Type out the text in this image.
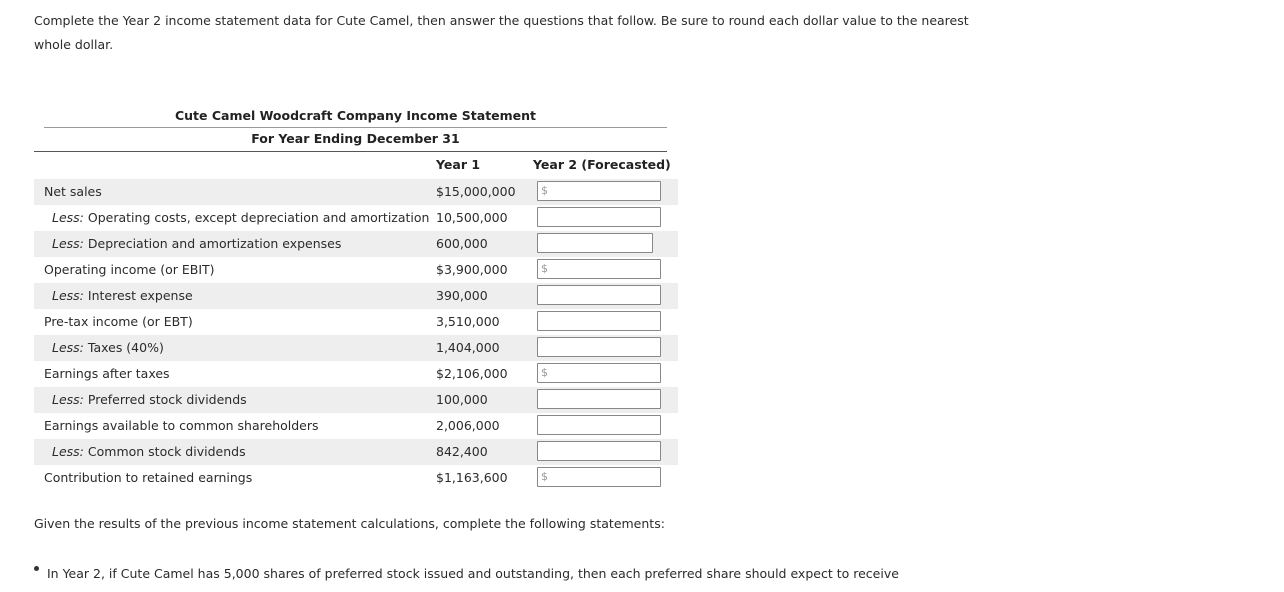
Complete the Year 2 income statement data for Cute Camel, then answer the questions that follow. Be sure to round each dollar value to the nearest whole dollar.
Cute Camel Woodcraft Company Income Statement
For Year Ending December 31
Year 1	Year 2 (Forecasted)
Net sales	$15,000,000 $
Less: Operating costs, except depreciation and amortization 10,500,000
Less: Depreciation and amortization expenses	600,000
Operating income (or EBIT)	$3,900,000	$
Less: Interest expense	390,000
Pre-tax income (or EBT)	3,510,000
Less: Taxes (40%)	1,404,000
Earnings after taxes	$2,106,000	$
Less: Preferred stock dividends	100,000
Earnings available to common shareholders	2,006,000
Less: Common stock dividends	842,400
Contribution to retained earnings	$1,163,600	$
Given the results of the previous income statement calculations, complete the following statements:
In Year 2, if Cute Camel has 5,000 shares of preferred stock issued and outstanding, then each preferred share should expect to receive
